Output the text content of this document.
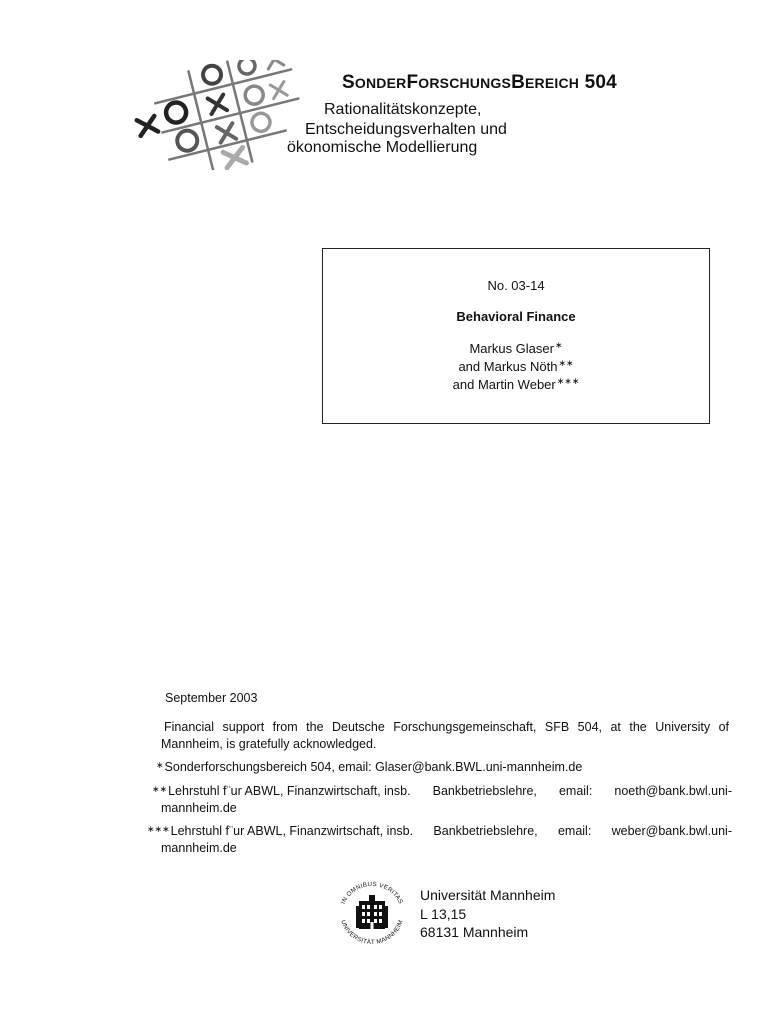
SONDERFORSCHUNGSBEREICH 504
Rationalitätskonzepte,
Entscheidungsverhalten und
ökonomische Modellierung
No. 03-14
Behavioral Finance
Markus Glaser∗
and Markus Nöth∗∗
and Martin Weber∗∗∗
September 2003
Financial support from the Deutsche Forschungsgemeinschaft, SFB 504, at the University of Mannheim, is gratefully acknowledged.
∗Sonderforschungsbereich 504, email: Glaser@bank.BWL.uni-mannheim.de
∗∗Lehrstuhl f¨ur ABWL, Finanzwirtschaft, insb. Bankbetriebslehre, email: noeth@bank.bwl.uni-
mannheim.de
∗∗∗Lehrstuhl f¨ur ABWL, Finanzwirtschaft, insb. Bankbetriebslehre, email: weber@bank.bwl.uni-
mannheim.de
IN OMNIBUS VERITAS
UNIVERSITÄT MANNHEIM
Universität Mannheim
L 13,15
68131 Mannheim
